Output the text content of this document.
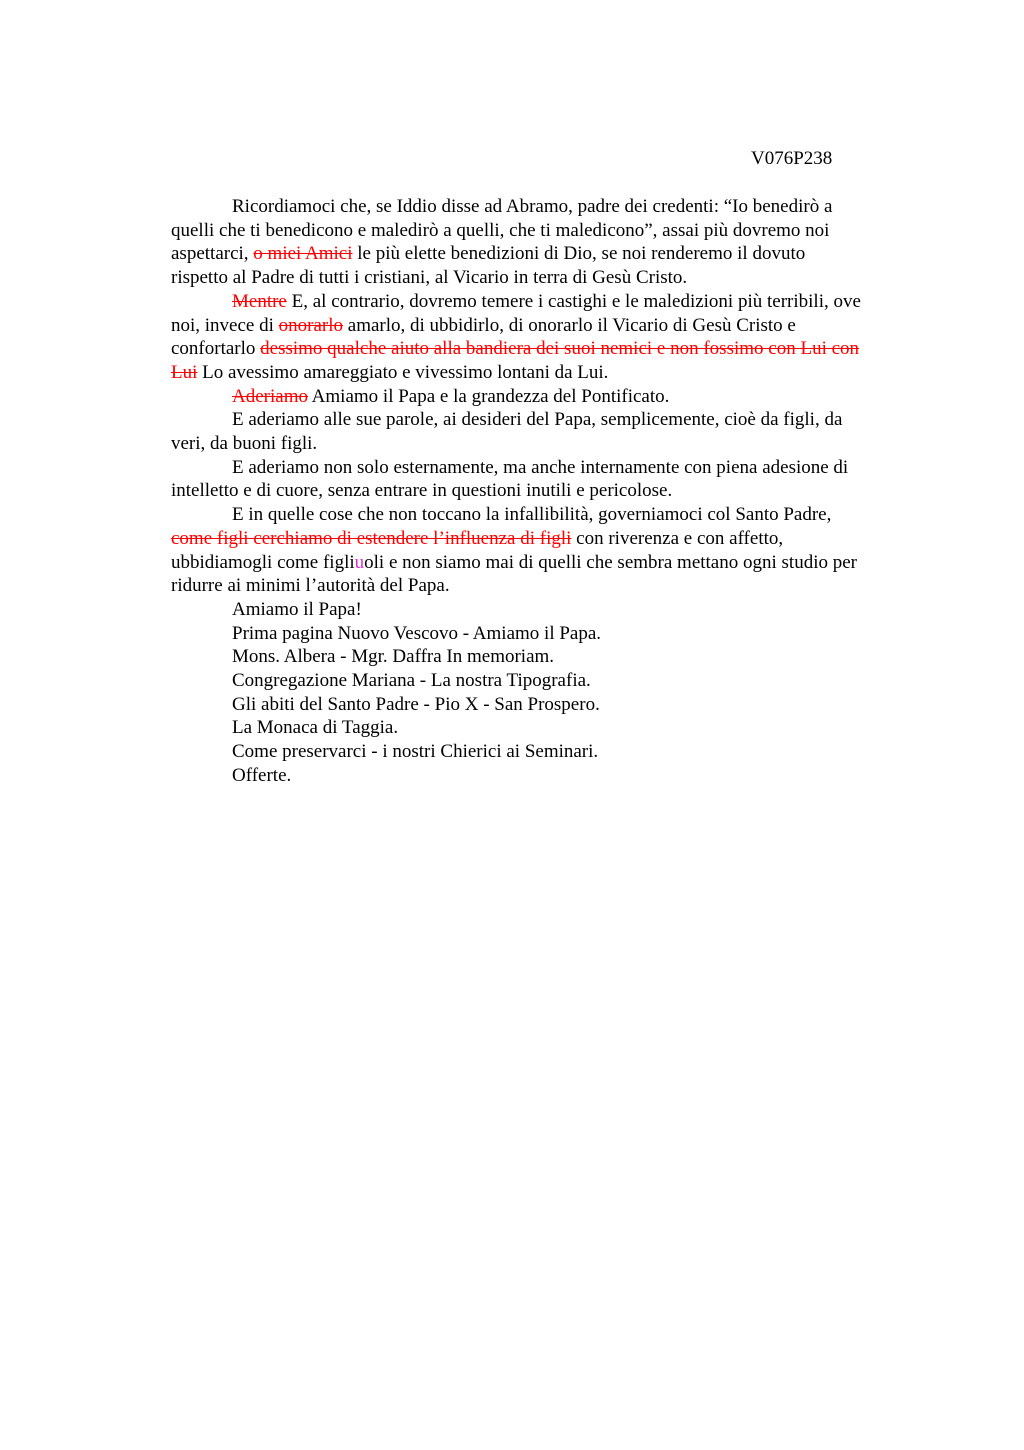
V076P238

Ricordiamoci che, se Iddio disse ad Abramo, padre dei credenti: “Io benedirò a
quelli che ti benedicono e maledirò a quelli, che ti maledicono”, assai più dovremo noi
aspettarci, o miei Amici le più elette benedizioni di Dio, se noi renderemo il dovuto
rispetto al Padre di tutti i cristiani, al Vicario in terra di Gesù Cristo.

Mentre E, al contrario, dovremo temere i castighi e le maledizioni più terribili, ove
noi, invece di onorarlo amarlo, di ubbidirlo, di onorarlo il Vicario di Gesù Cristo e
confortarlo dessimo qualche aiuto alla bandiera dei suoi nemici e non fossimo con Lui con
Lui Lo avessimo amareggiato e vivessimo lontani da Lui.

Aderiamo Amiamo il Papa e la grandezza del Pontificato.

E aderiamo alle sue parole, ai desideri del Papa, semplicemente, cioè da figli, da
veri, da buoni figli.

E aderiamo non solo esternamente, ma anche internamente con piena adesione di
intelletto e di cuore, senza entrare in questioni inutili e pericolose.

E in quelle cose che non toccano la infallibilità, governiamoci col Santo Padre,
come figli cerchiamo di estendere l’influenza di figli con riverenza e con affetto,
ubbidiamogli come figliuoli e non siamo mai di quelli che sembra mettano ogni studio per
ridurre ai minimi l’autorità del Papa.

Amiamo il Papa!
Prima pagina Nuovo Vescovo - Amiamo il Papa.
Mons. Albera - Mgr. Daffra In memoriam.
Congregazione Mariana - La nostra Tipografia.
Gli abiti del Santo Padre - Pio X - San Prospero.
La Monaca di Taggia.
Come preservarci - i nostri Chierici ai Seminari.
Offerte.
